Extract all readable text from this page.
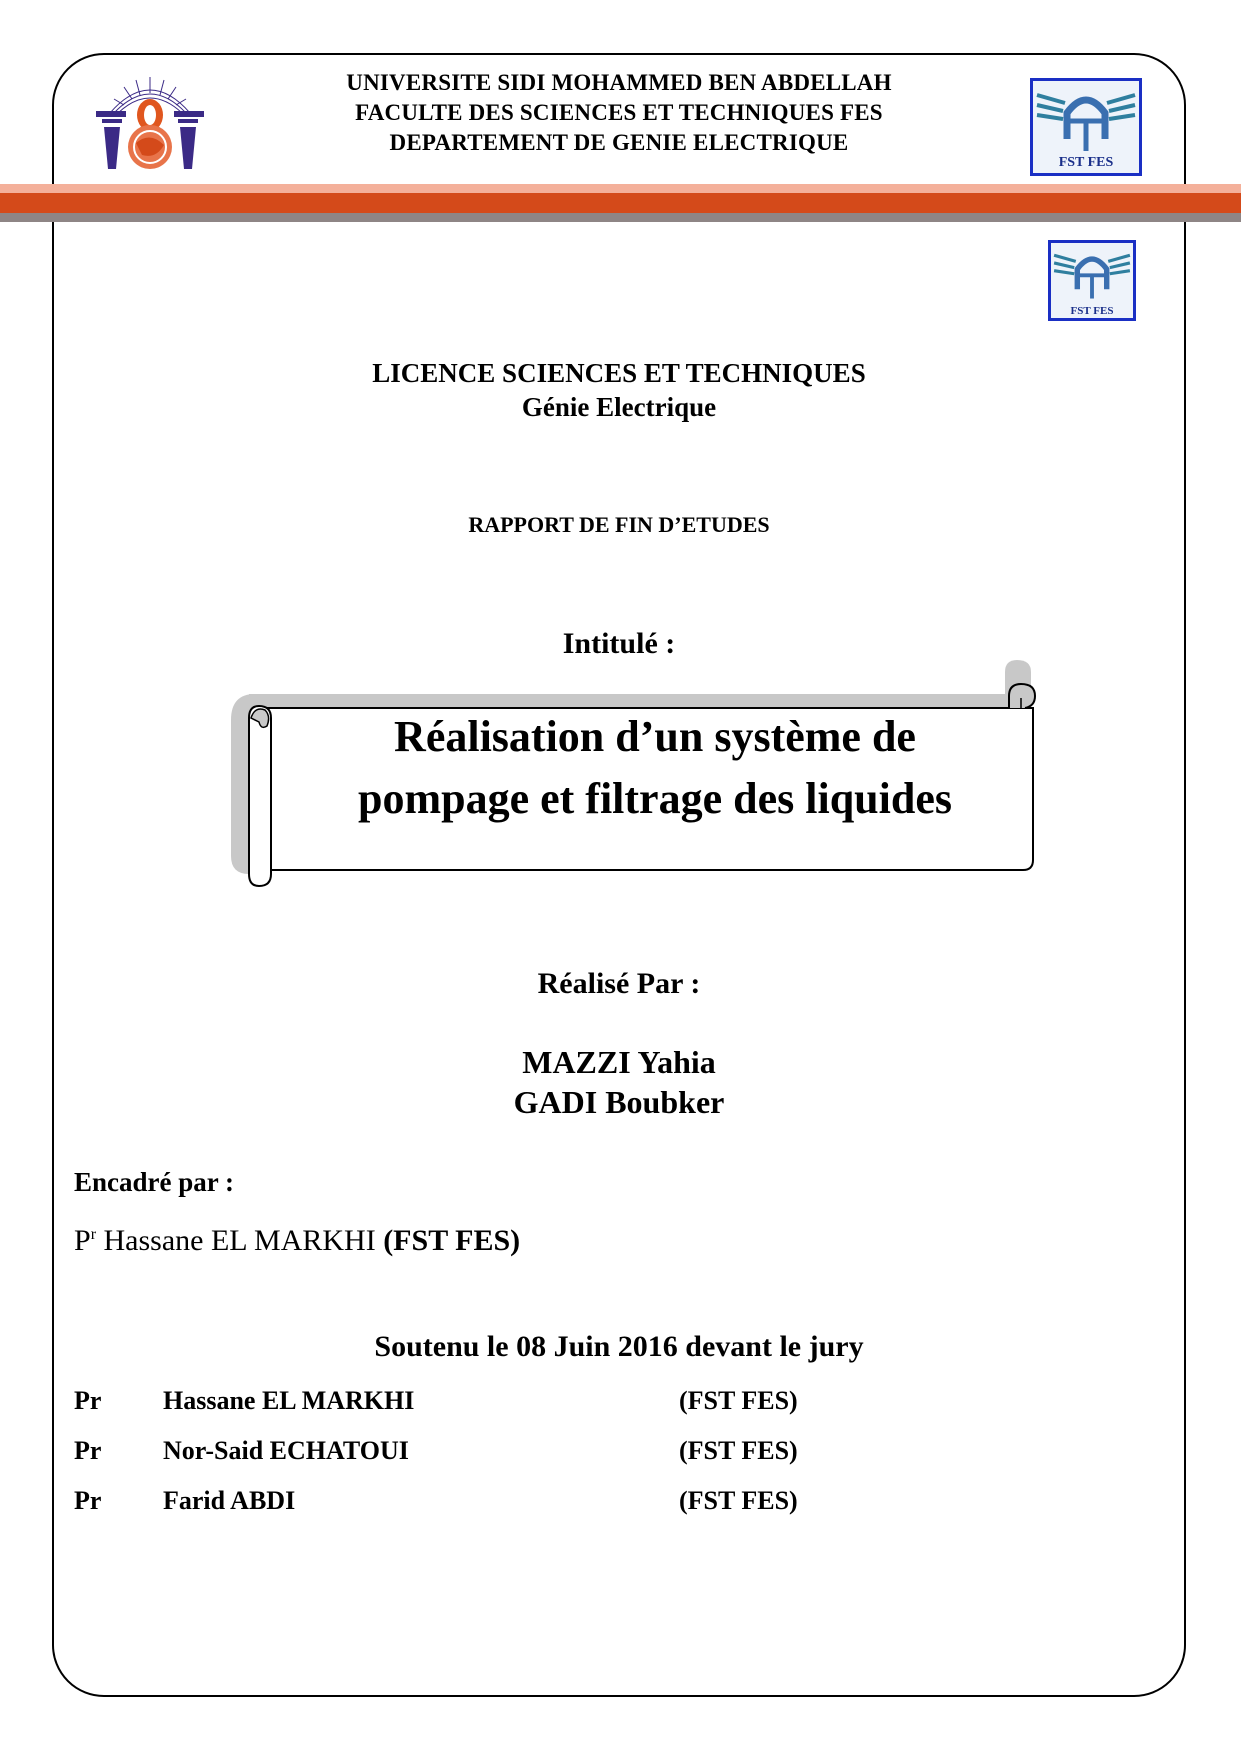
UNIVERSITE SIDI MOHAMMED BEN ABDELLAH
FACULTE DES SCIENCES ET TECHNIQUES FES
DEPARTEMENT DE GENIE ELECTRIQUE
FST FES
FST FES
LICENCE SCIENCES ET TECHNIQUES
Génie Electrique
RAPPORT DE FIN D’ETUDES
Intitulé :
Réalisation d’un système de
pompage et filtrage des liquides
Réalisé Par :
MAZZI Yahia
GADI Boubker
Encadré par :
$P^r$ Hassane EL MARKHI (FST FES)
Soutenu le 08 Juin 2016 devant le jury
Pr Hassane EL MARKHI	(FST FES)
Pr Nor-Said ECHATOUI	(FST FES)
Pr Farid ABDI	(FST FES)
